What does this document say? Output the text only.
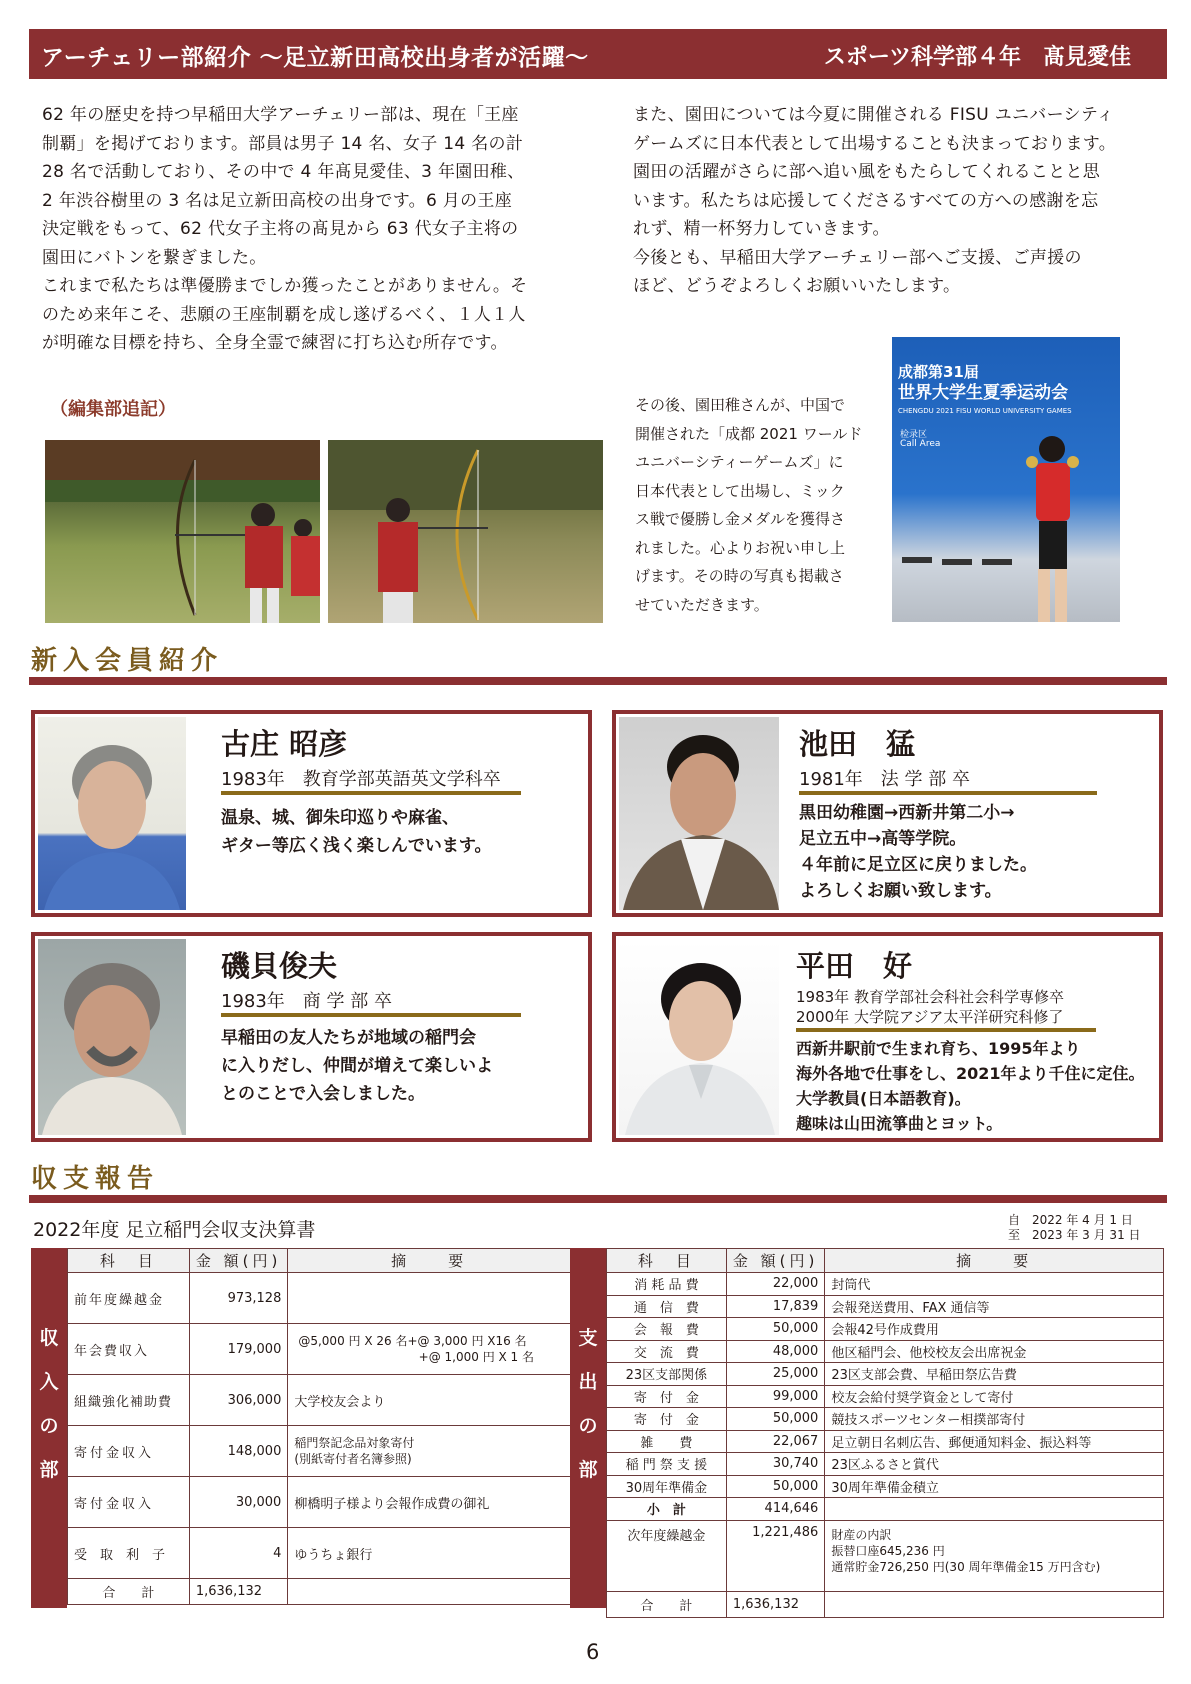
アーチェリー部紹介 〜足立新田高校出身者が活躍〜	スポーツ科学部４年　髙見愛佳

62 年の歴史を持つ早稲田大学アーチェリー部は、現在「王座

制覇」を掲げております。部員は男子 14 名、女子 14 名の計

28 名で活動しており、その中で 4 年髙見愛佳、3 年園田稚、

2 年渋谷樹里の 3 名は足立新田高校の出身です。6 月の王座

決定戦をもって、62 代女子主将の髙見から 63 代女子主将の

園田にバトンを繋ぎました。

これまで私たちは準優勝までしか獲ったことがありません。そ

のため来年こそ、悲願の王座制覇を成し遂げるべく、１人１人

が明確な目標を持ち、全身全霊で練習に打ち込む所存です。

また、園田については今夏に開催される FISU ユニバーシティ

ゲームズに日本代表として出場することも決まっております。

園田の活躍がさらに部へ追い風をもたらしてくれることと思

います。私たちは応援してくださるすべての方への感謝を忘

れず、精一杯努力していきます。

今後とも、早稲田大学アーチェリー部へご支援、ご声援の

ほど、どうぞよろしくお願いいたします。

（編集部追記）	その後、園田稚さんが、中国で

開催された「成都 2021 ワールド

ユニバーシティーゲームズ」に

日本代表として出場し、ミック

ス戦で優勝し金メダルを獲得さ

れました。心よりお祝い申し上

げます。その時の写真も掲載さ

せていただきます。

成都第31届
世界大学生夏季运动会
CHENGDU 2021 FISU WORLD UNIVERSITY GAMES
检录区
Call Area
新入会員紹介
古庄 昭彦
1983年　教育学部英語英文学科卒

温泉、城、御朱印巡りや麻雀、

ギター等広く浅く楽しんでいます。

池田　猛
1981年　法 学 部 卒

黒田幼稚園→西新井第二小→

足立五中→高等学院。

４年前に足立区に戻りました。

よろしくお願い致します。

磯貝俊夫
1983年　商 学 部 卒

早稲田の友人たちが地域の稲門会

に入りだし、仲間が増えて楽しいよ

とのことで入会しました。

平田　好
1983年 教育学部社会科社会科学専修卒
2000年 大学院アジア太平洋研究科修了

西新井駅前で生まれ育ち、1995年より

海外各地で仕事をし、2021年より千住に定住。

大学教員(日本語教育)。

趣味は山田流箏曲とヨット。

収支報告
2022年度 足立稲門会収支決算書	自　2022 年 4 月 1 日
至　2023 年 3 月 31 日
収
入
の
部
科　目	金 額(円)	摘　　要
前年度繰越金	973,128	
年会費収入	179,000	@5,000 円 X 26 名+@ 3,000 円 X16 名
+@ 1,000 円 X 1 名

組織強化補助費	306,000	大学校友会より
寄付金収入	148,000	稲門祭記念品対象寄付
(別紙寄付者名簿参照)

寄付金収入	30,000	柳橋明子様より会報作成費の御礼
受　取　利　子	4	ゆうちょ銀行
合　　計	1,636,132	
支
出
の
部
科　目	金 額(円)	摘　　要
消 耗 品 費	22,000	封筒代
通　信　費	17,839	会報発送費用、FAX 通信等
会　報　費	50,000	会報42号作成費用
交　流　費	48,000	他区稲門会、他校校友会出席祝金
23区支部関係	25,000	23区支部会費、早稲田祭広告費
寄　付　金	99,000	校友会給付奨学資金として寄付
寄　付　金	50,000	競技スポーツセンター相撲部寄付
雑　　費	22,067	足立朝日名刺広告、郵便通知料金、振込料等
稲 門 祭 支 援	30,740	23区ふるさと賞代
30周年準備金	50,000	30周年準備金積立
小　計	414,646	
次年度繰越金	1,221,486	財産の内訳
振替口座645,236 円
通常貯金726,250 円(30 周年準備金15 万円含む)

合　　計	1,636,132	
6
